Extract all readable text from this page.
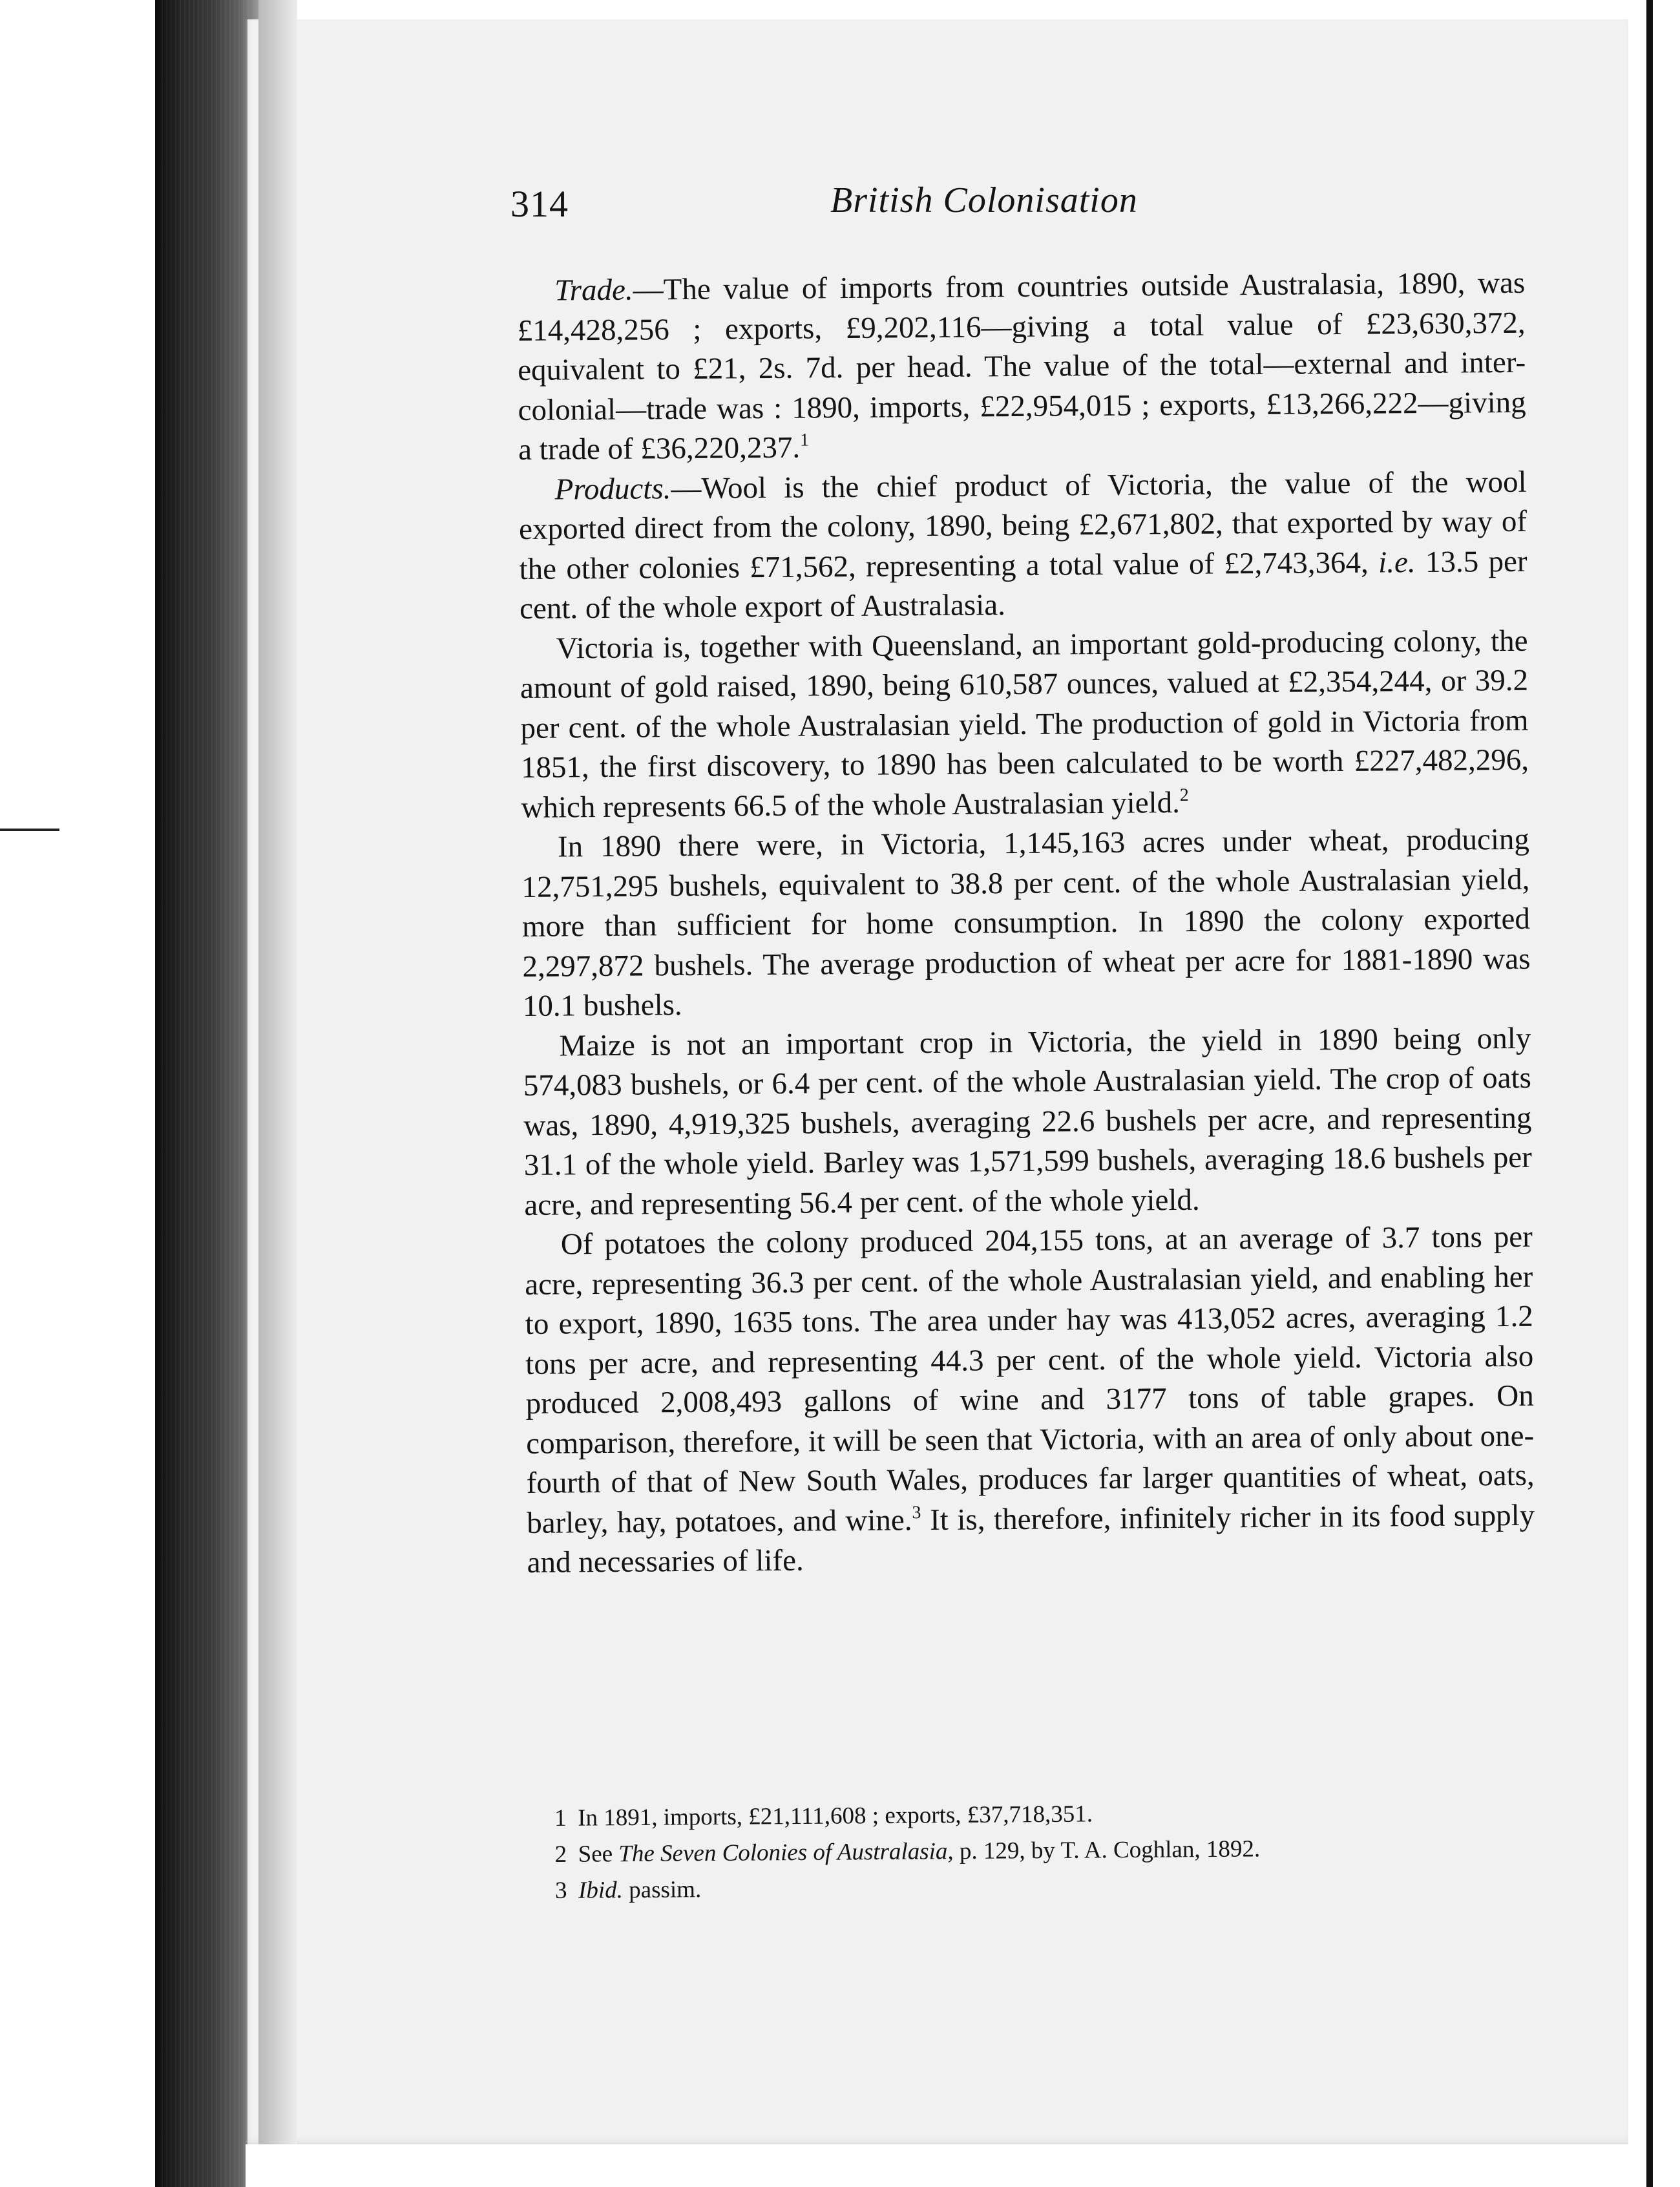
314	British Colonisation

Trade.—The value of imports from countries outside Australasia, 1890, was £14,428,256 ; exports, £9,202,116—giving a total value of £23,630,372, equivalent to £21, 2s. 7d. per head. The value of the total—external and inter-colonial—trade was : 1890, imports, £22,954,015 ; exports, £13,266,222—giving a trade of £36,220,237.$^1$

Products.—Wool is the chief product of Victoria, the value of the wool exported direct from the colony, 1890, being £2,671,802, that exported by way of the other colonies £71,562, representing a total value of £2,743,364, i.e. 13.5 per cent. of the whole export of Australasia.

Victoria is, together with Queensland, an important gold-producing colony, the amount of gold raised, 1890, being 610,587 ounces, valued at £2,354,244, or 39.2 per cent. of the whole Australasian yield. The production of gold in Victoria from 1851, the first discovery, to 1890 has been calculated to be worth £227,482,296, which represents 66.5 of the whole Australasian yield.$^2$

In 1890 there were, in Victoria, 1,145,163 acres under wheat, producing 12,751,295 bushels, equivalent to 38.8 per cent. of the whole Australasian yield, more than sufficient for home consumption. In 1890 the colony exported 2,297,872 bushels. The average production of wheat per acre for 1881-1890 was 10.1 bushels.

Maize is not an important crop in Victoria, the yield in 1890 being only 574,083 bushels, or 6.4 per cent. of the whole Australasian yield. The crop of oats was, 1890, 4,919,325 bushels, averaging 22.6 bushels per acre, and representing 31.1 of the whole yield. Barley was 1,571,599 bushels, averaging 18.6 bushels per acre, and representing 56.4 per cent. of the whole yield.

Of potatoes the colony produced 204,155 tons, at an average of 3.7 tons per acre, representing 36.3 per cent. of the whole Australasian yield, and enabling her to export, 1890, 1635 tons. The area under hay was 413,052 acres, averaging 1.2 tons per acre, and representing 44.3 per cent. of the whole yield. Victoria also produced 2,008,493 gallons of wine and 3177 tons of table grapes. On comparison, therefore, it will be seen that Victoria, with an area of only about one-fourth of that of New South Wales, produces far larger quantities of wheat, oats, barley, hay, potatoes, and wine.$^3$ It is, therefore, infinitely richer in its food supply and necessaries of life.

1 In 1891, imports, £21,111,608 ; exports, £37,718,351.
2 See The Seven Colonies of Australasia, p. 129, by T. A. Coghlan, 1892.
3 Ibid. passim.
